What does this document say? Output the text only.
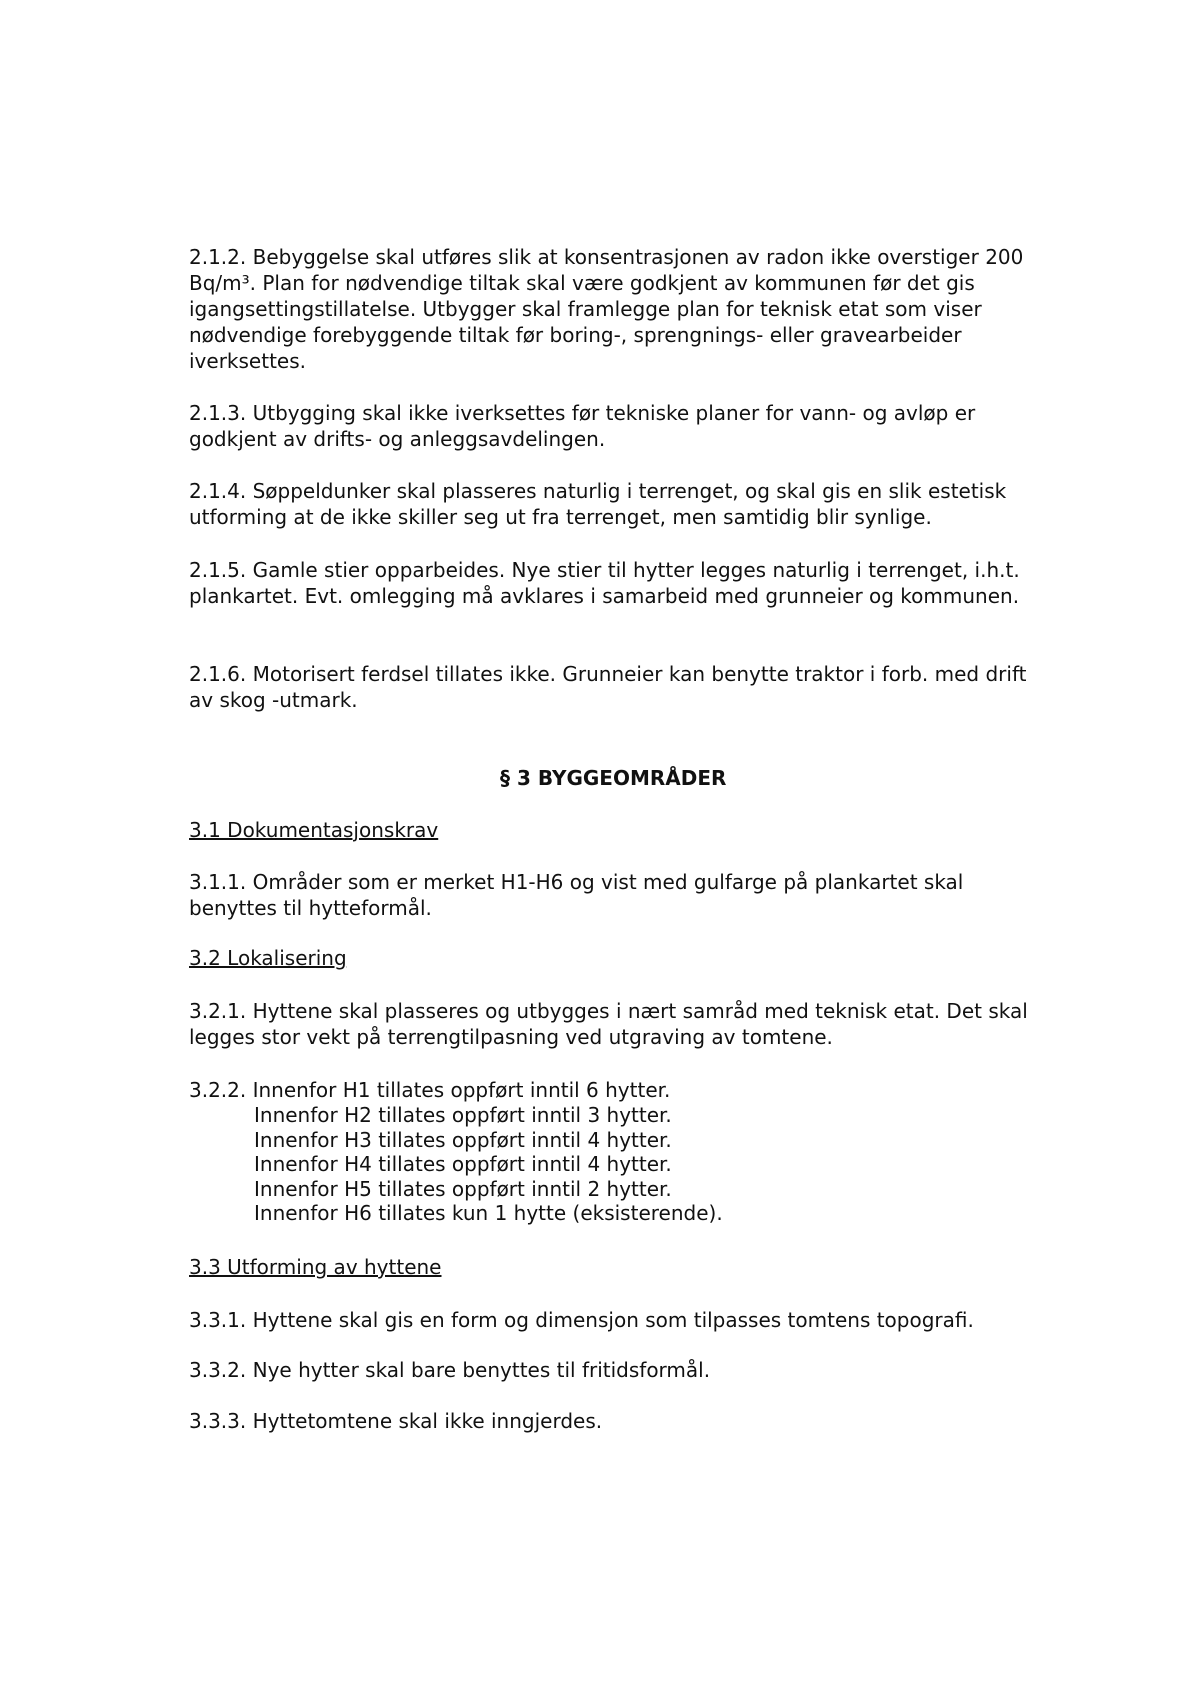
2.1.2. Bebyggelse skal utføres slik at konsentrasjonen av radon ikke overstiger 200 Bq/m³. Plan for nødvendige tiltak skal være godkjent av kommunen før det gis igangsettingstillatelse. Utbygger skal framlegge plan for teknisk etat som viser nødvendige forebyggende tiltak før boring-, sprengnings- eller gravearbeider iverksettes.

2.1.3. Utbygging skal ikke iverksettes før tekniske planer for vann- og avløp er godkjent av drifts- og anleggsavdelingen.

2.1.4. Søppeldunker skal plasseres naturlig i terrenget, og skal gis en slik estetisk utforming at de ikke skiller seg ut fra terrenget, men samtidig blir synlige.

2.1.5. Gamle stier opparbeides. Nye stier til hytter legges naturlig i terrenget, i.h.t. plankartet. Evt. omlegging må avklares i samarbeid med grunneier og kommunen.

2.1.6. Motorisert ferdsel tillates ikke. Grunneier kan benytte traktor i forb. med drift av skog -utmark.

§ 3 BYGGEOMRÅDER

3.1 Dokumentasjonskrav

3.1.1. Områder som er merket H1-H6 og vist med gulfarge på plankartet skal benyttes til hytteformål.

3.2 Lokalisering

3.2.1. Hyttene skal plasseres og utbygges i nært samråd med teknisk etat. Det skal legges stor vekt på terrengtilpasning ved utgraving av tomtene.

3.2.2. Innenfor H1 tillates oppført inntil 6 hytter.

Innenfor H2 tillates oppført inntil 3 hytter.
Innenfor H3 tillates oppført inntil 4 hytter.
Innenfor H4 tillates oppført inntil 4 hytter.
Innenfor H5 tillates oppført inntil 2 hytter.
Innenfor H6 tillates kun 1 hytte (eksisterende).

3.3 Utforming av hyttene

3.3.1. Hyttene skal gis en form og dimensjon som tilpasses tomtens topografi.

3.3.2. Nye hytter skal bare benyttes til fritidsformål.

3.3.3. Hyttetomtene skal ikke inngjerdes.
